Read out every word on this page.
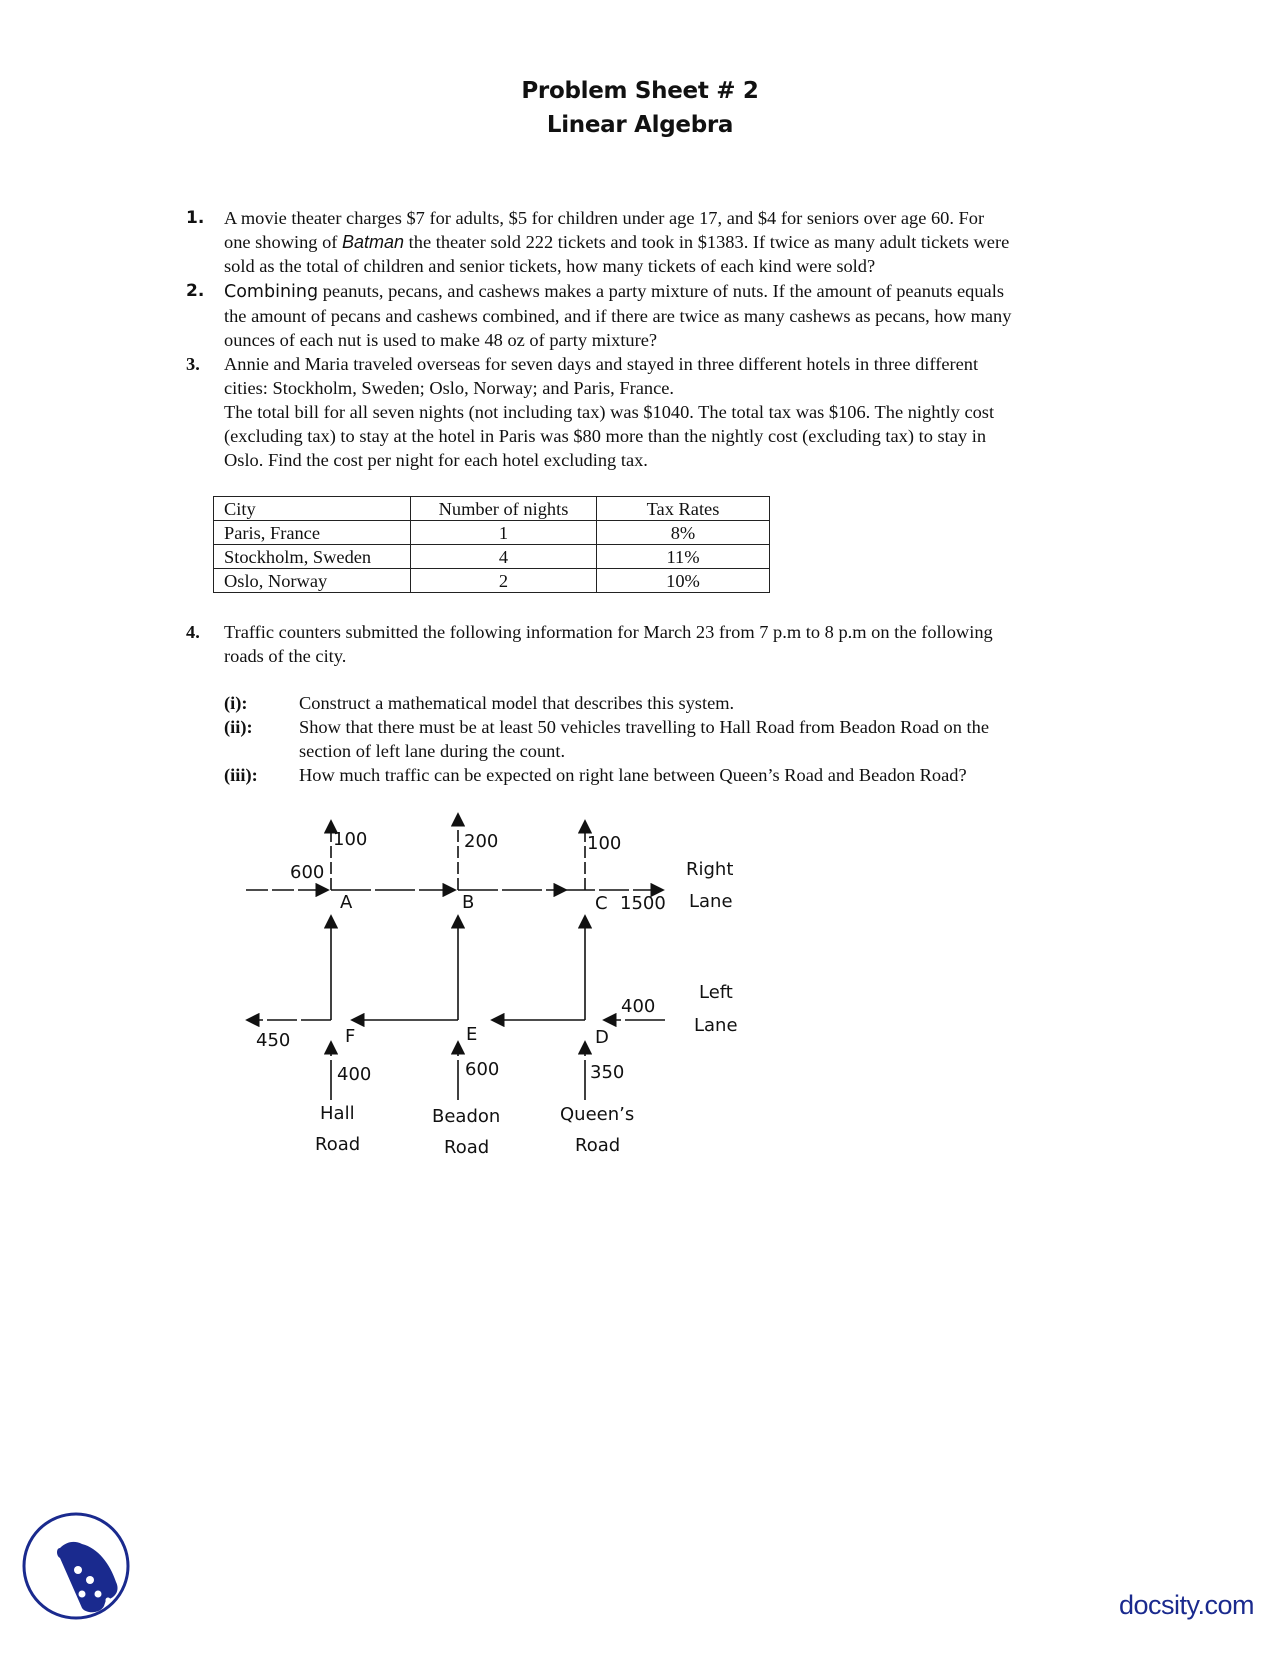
Problem Sheet # 2
Linear Algebra
1. A movie theater charges $7 for adults, $5 for children under age 17, and $4 for seniors over age 60. For
one showing of Batman the theater sold 222 tickets and took in $1383. If twice as many adult tickets were
sold as the total of children and senior tickets, how many tickets of each kind were sold?
2. Combining peanuts, pecans, and cashews makes a party mixture of nuts. If the amount of peanuts equals
the amount of pecans and cashews combined, and if there are twice as many cashews as pecans, how many
ounces of each nut is used to make 48 oz of party mixture?
3. Annie and Maria traveled overseas for seven days and stayed in three different hotels in three different
cities: Stockholm, Sweden; Oslo, Norway; and Paris, France.
The total bill for all seven nights (not including tax) was $1040. The total tax was $106. The nightly cost
(excluding tax) to stay at the hotel in Paris was $80 more than the nightly cost (excluding tax) to stay in
Oslo. Find the cost per night for each hotel excluding tax.
City	Number of nights	Tax Rates
Paris, France	1	8%
Stockholm, Sweden	4	11%
Oslo, Norway	2	10%
4. Traffic counters submitted the following information for March 23 from 7 p.m to 8 p.m on the following
roads of the city.
(i):	Construct a mathematical model that describes this system.
(ii):	Show that there must be at least 50 vehicles travelling to Hall Road from Beadon Road on the
section of left lane during the count.
(iii): How much traffic can be expected on right lane between Queen’s Road and Beadon Road?
100	200	100
600
A	B	C 1500
Right
Lane
Left
Lane
400
450	F	E	D
400	600	350
Hall
Road
Beadon
Road
Queen’s
Road
docsity.com
